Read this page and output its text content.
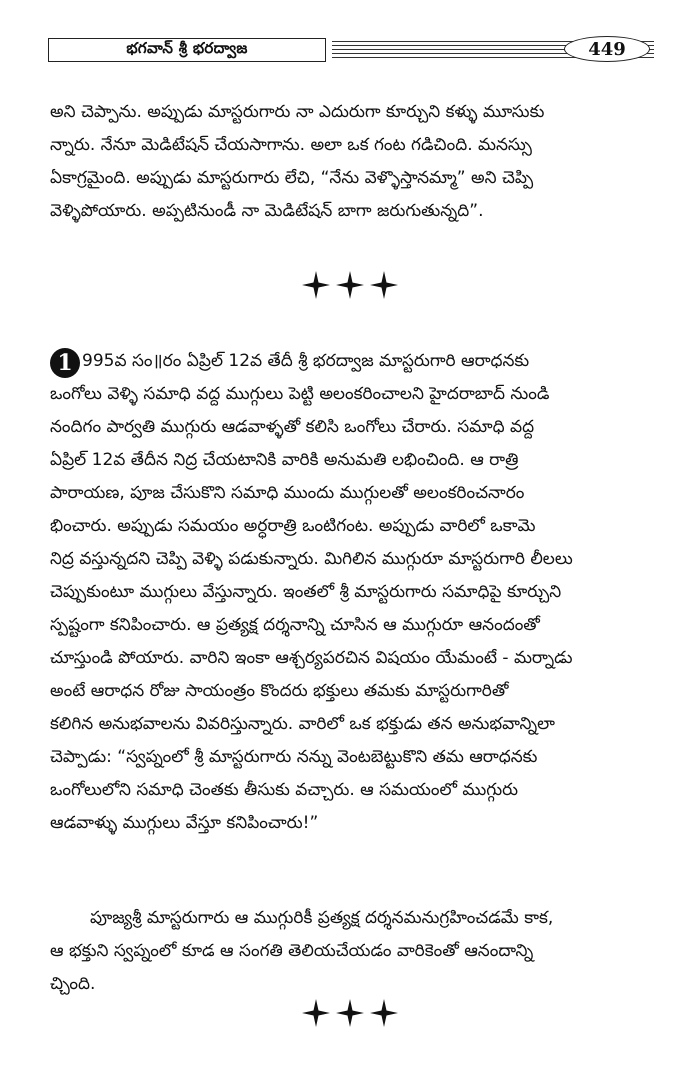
భగవాన్ శ్రీ భరద్వాజ	449

అని చెప్పాను. అప్పుడు మాస్టరుగారు నా ఎదురుగా కూర్చుని కళ్ళు మూసుకు
న్నారు. నేనూ మెడిటేషన్ చేయసాగాను. అలా ఒక గంట గడిచింది. మనస్సు
ఏకాగ్రమైంది. అప్పుడు మాస్టరుగారు లేచి, “నేను వెళ్ళొస్తానమ్మా” అని చెప్పి
వెళ్ళిపోయారు. అప్పటినుండీ నా మెడిటేషన్ బాగా జరుగుతున్నది”.

1 995వ సం॥రం ఏప్రిల్ 12వ తేదీ శ్రీ భరద్వాజ మాస్టరుగారి ఆరాధనకు
ఒంగోలు వెళ్ళి సమాధి వద్ద ముగ్గులు పెట్టి అలంకరించాలని హైదరాబాద్ నుండి
నందిగం పార్వతి ముగ్గురు ఆడవాళ్ళతో కలిసి ఒంగోలు చేరారు. సమాధి వద్ద
ఏప్రిల్ 12వ తేదీన నిద్ర చేయటానికి వారికి అనుమతి లభించింది. ఆ రాత్రి
పారాయణ, పూజ చేసుకొని సమాధి ముందు ముగ్గులతో అలంకరించనారం
భించారు. అప్పుడు సమయం అర్ధరాత్రి ఒంటిగంట. అప్పుడు వారిలో ఒకామె
నిద్ర వస్తున్నదని చెప్పి వెళ్ళి పడుకున్నారు. మిగిలిన ముగ్గురూ మాస్టరుగారి లీలలు
చెప్పుకుంటూ ముగ్గులు వేస్తున్నారు. ఇంతలో శ్రీ మాస్టరుగారు సమాధిపై కూర్చుని
స్పష్టంగా కనిపించారు. ఆ ప్రత్యక్ష దర్శనాన్ని చూసిన ఆ ముగ్గురూ ఆనందంతో
చూస్తుండి పోయారు. వారిని ఇంకా ఆశ్చర్యపరచిన విషయం యేమంటే - మర్నాడు
అంటే ఆరాధన రోజు సాయంత్రం కొందరు భక్తులు తమకు మాస్టరుగారితో
కలిగిన అనుభవాలను వివరిస్తున్నారు. వారిలో ఒక భక్తుడు తన అనుభవాన్నిలా
చెప్పాడు: “స్వప్నంలో శ్రీ మాస్టరుగారు నన్ను వెంటబెట్టుకొని తమ ఆరాధనకు
ఒంగోలులోని సమాధి చెంతకు తీసుకు వచ్చారు. ఆ సమయంలో ముగ్గురు
ఆడవాళ్ళు ముగ్గులు వేస్తూ కనిపించారు!”

పూజ్యశ్రీ మాస్టరుగారు ఆ ముగ్గురికీ ప్రత్యక్ష దర్శనమనుగ్రహించడమే కాక,
ఆ భక్తుని స్వప్నంలో కూడ ఆ సంగతి తెలియచేయడం వారికెంతో ఆనందాన్ని
చ్చింది.
